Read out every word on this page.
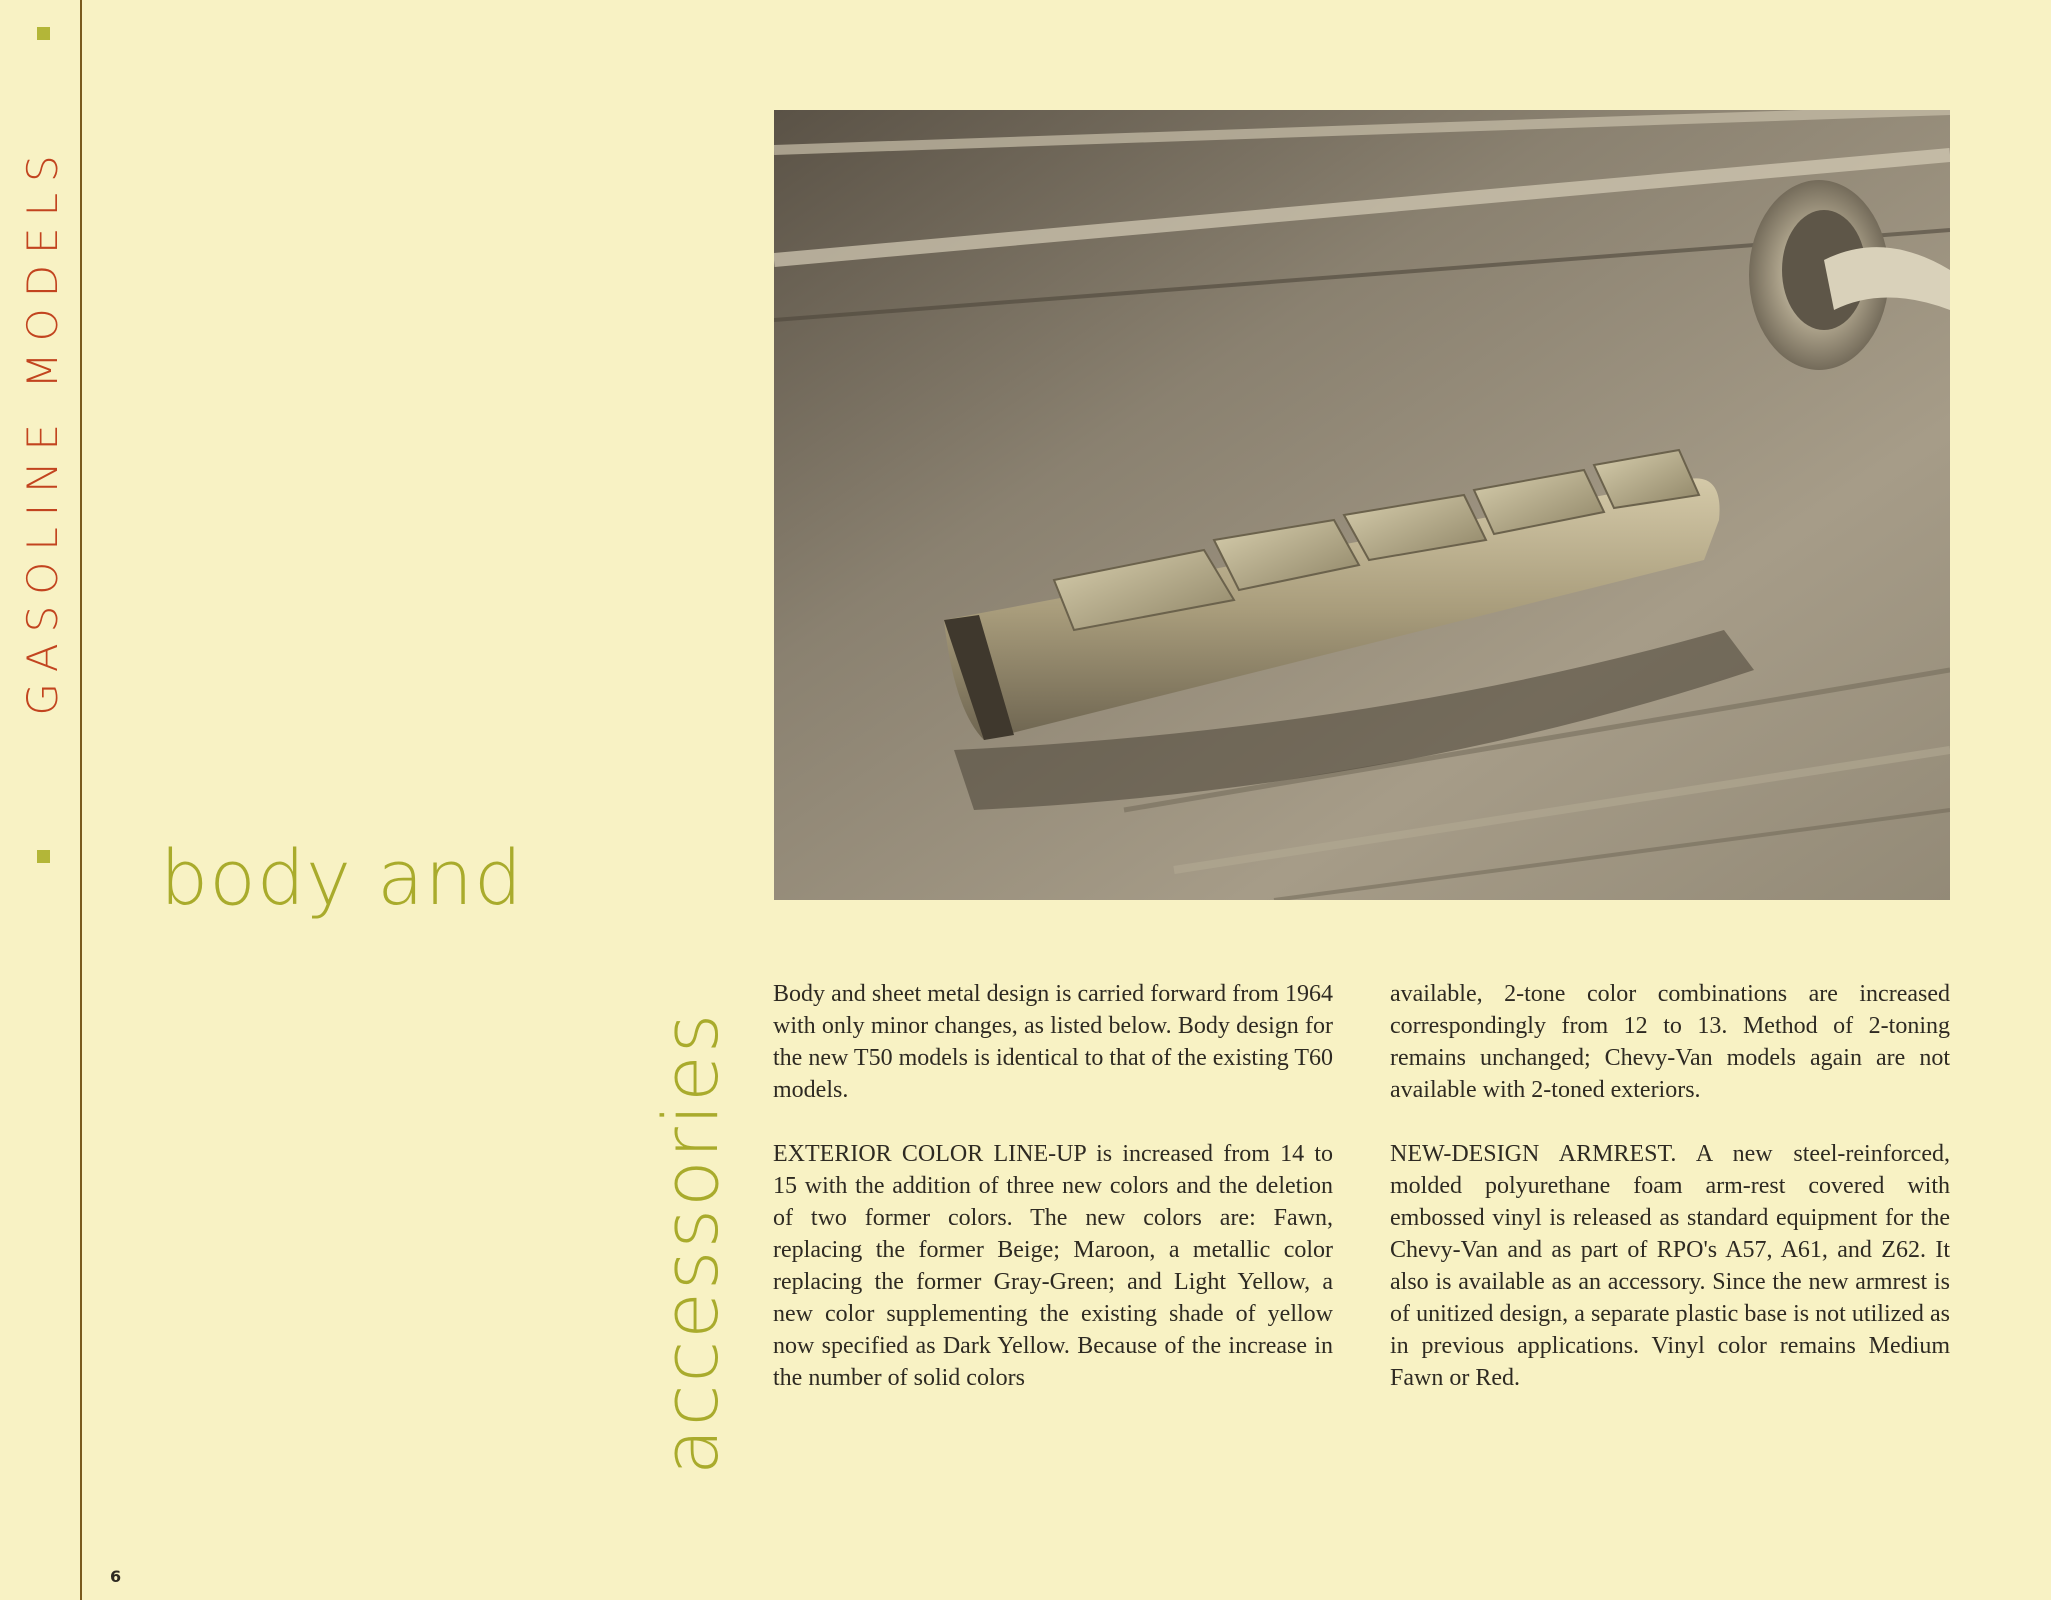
GASOLINE MODELS
body and
accessories

Body and sheet metal design is carried forward from 1964 with only minor changes, as listed below. Body design for the new T50 models is identical to that of the existing T60 models.

EXTERIOR COLOR LINE-UP is increased from 14 to 15 with the addition of three new colors and the deletion of two former colors. The new colors are: Fawn, replacing the former Beige; Maroon, a metallic color replacing the former Gray-Green; and Light Yellow, a new color supplementing the existing shade of yellow now specified as Dark Yellow. Because of the increase in the number of solid colors

available, 2-tone color combinations are increased correspondingly from 12 to 13. Method of 2-toning remains unchanged; Chevy-Van models again are not available with 2-toned exteriors.

NEW-DESIGN ARMREST. A new steel-reinforced, molded polyurethane foam arm-rest covered with embossed vinyl is released as standard equipment for the Chevy-Van and as part of RPO's A57, A61, and Z62. It also is available as an accessory. Since the new armrest is of unitized design, a separate plastic base is not utilized as in previous applications. Vinyl color remains Medium Fawn or Red.

6
